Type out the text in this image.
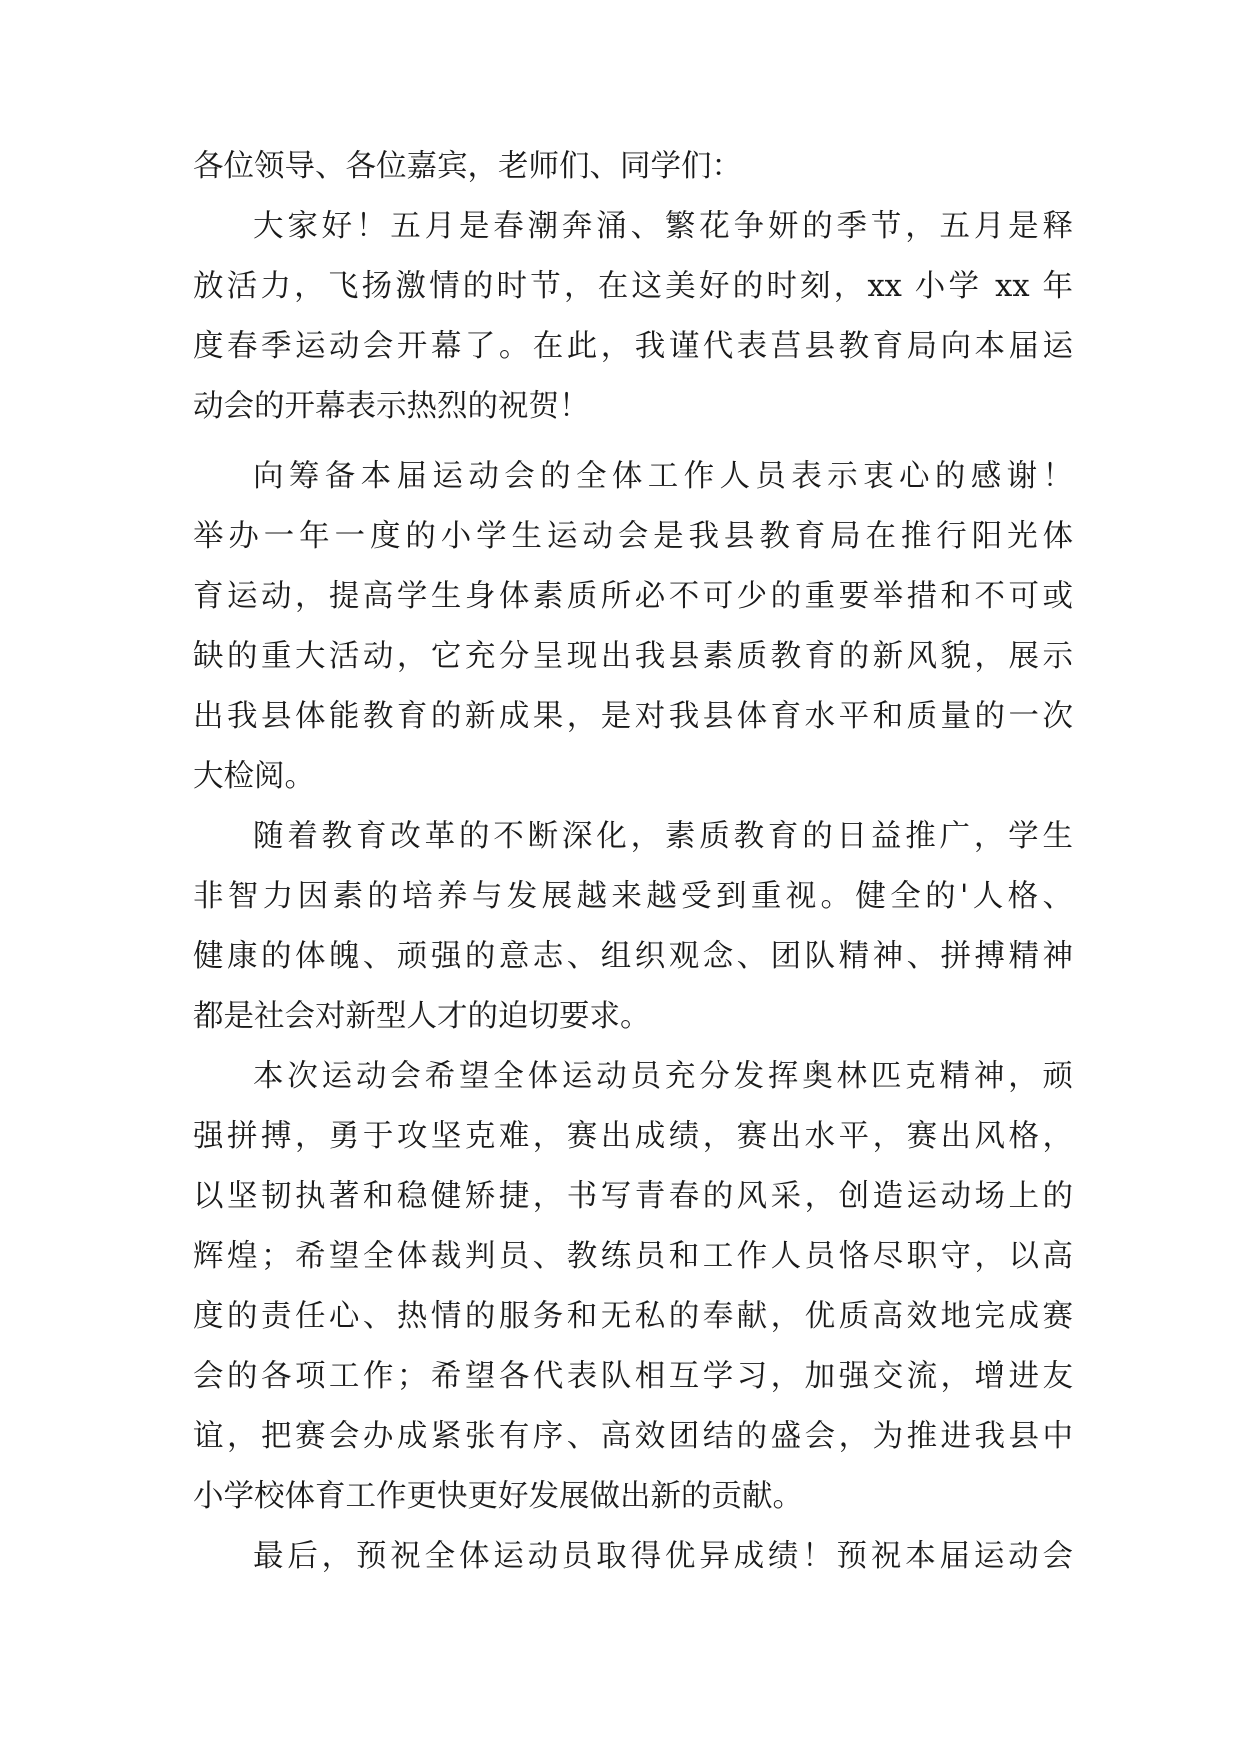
各位领导、各位嘉宾，老师们、同学们：
大家好！五月是春潮奔涌、繁花争妍的季节，五月是释
放活力，飞扬激情的时节，在这美好的时刻，xx 小学 xx 年
度春季运动会开幕了。在此，我谨代表莒县教育局向本届运
动会的开幕表示热烈的祝贺！
向筹备本届运动会的全体工作人员表示衷心的感谢！
举办一年一度的小学生运动会是我县教育局在推行阳光体
育运动，提高学生身体素质所必不可少的重要举措和不可或
缺的重大活动，它充分呈现出我县素质教育的新风貌，展示
出我县体能教育的新成果，是对我县体育水平和质量的一次
大检阅。
随着教育改革的不断深化，素质教育的日益推广，学生
非智力因素的培养与发展越来越受到重视。健全的'人格、
健康的体魄、顽强的意志、组织观念、团队精神、拼搏精神
都是社会对新型人才的迫切要求。
本次运动会希望全体运动员充分发挥奥林匹克精神，顽
强拼搏，勇于攻坚克难，赛出成绩，赛出水平，赛出风格，
以坚韧执著和稳健矫捷，书写青春的风采，创造运动场上的
辉煌；希望全体裁判员、教练员和工作人员恪尽职守，以高
度的责任心、热情的服务和无私的奉献，优质高效地完成赛
会的各项工作；希望各代表队相互学习，加强交流，增进友
谊，把赛会办成紧张有序、高效团结的盛会，为推进我县中
小学校体育工作更快更好发展做出新的贡献。
最后，预祝全体运动员取得优异成绩！预祝本届运动会
